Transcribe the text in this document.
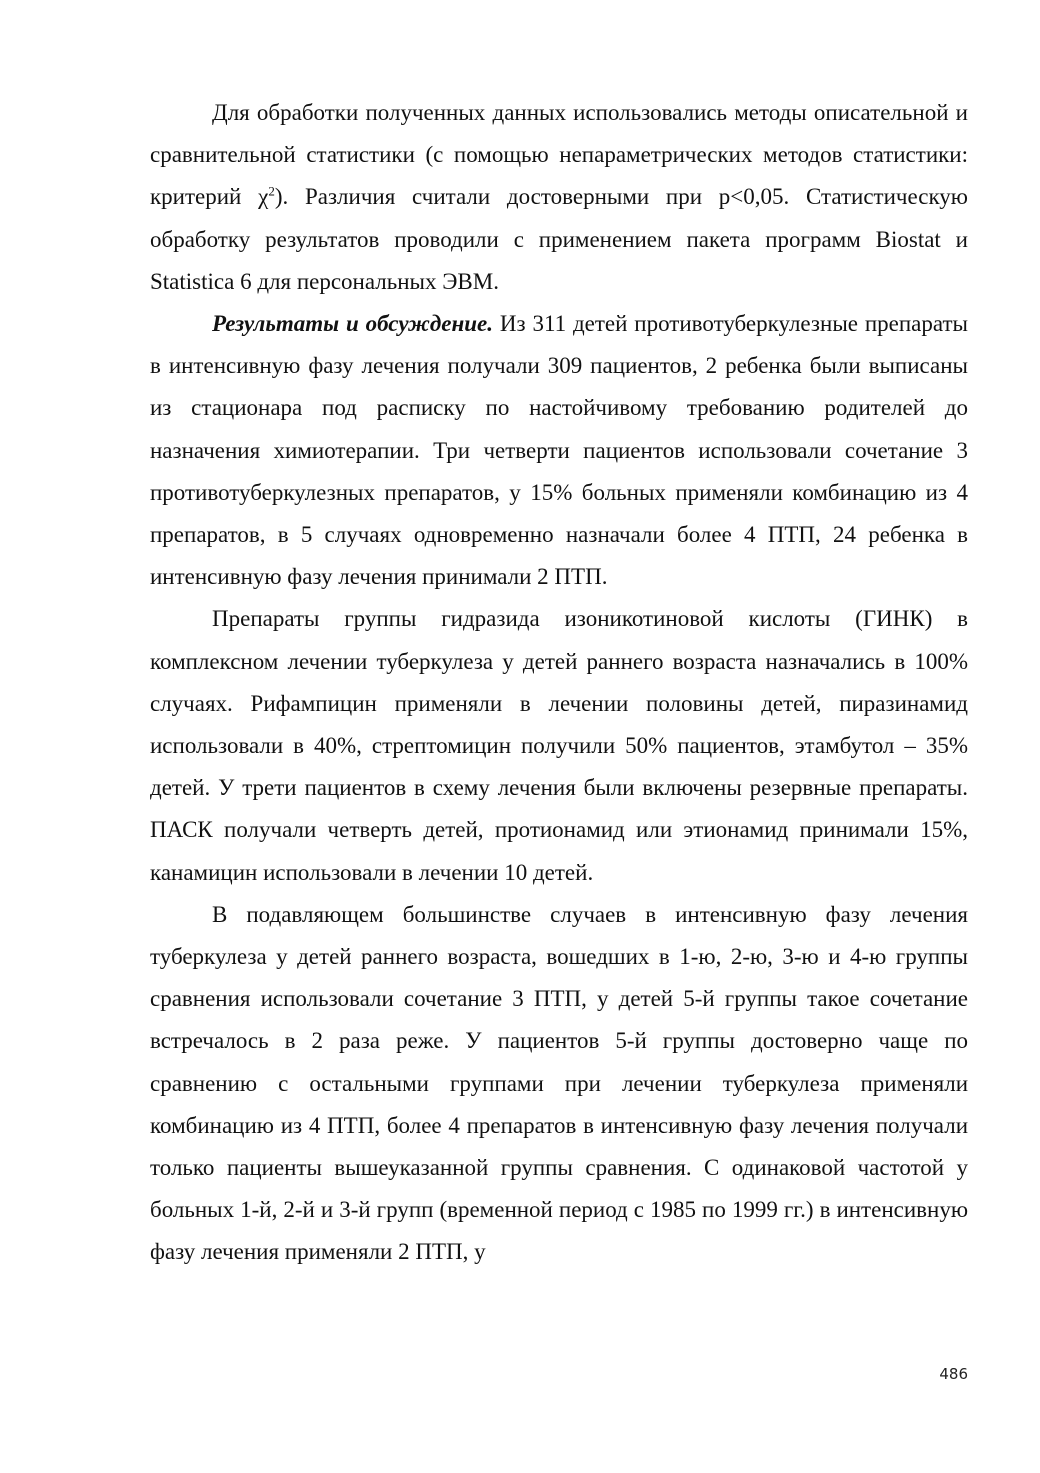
Для обработки полученных данных использовались методы описательной и сравнительной статистики (с помощью непараметрических методов статистики: критерий $\chi^2$). Различия считали достоверными при р<0,05. Статистическую обработку результатов проводили с применением пакета программ Biostat и Statistica 6 для персональных ЭВМ.

Результаты и обсуждение. Из 311 детей противотуберкулезные препараты в интенсивную фазу лечения получали 309 пациентов, 2 ребенка были выписаны из стационара под расписку по настойчивому требованию родителей до назначения химиотерапии. Три четверти пациентов использовали сочетание 3 противотуберкулезных препаратов, у 15% больных применяли комбинацию из 4 препаратов, в 5 случаях одновременно назначали более 4 ПТП, 24 ребенка в интенсивную фазу лечения принимали 2 ПТП.

Препараты группы гидразида изоникотиновой кислоты (ГИНК) в комплексном лечении туберкулеза у детей раннего возраста назначались в 100% случаях. Рифампицин применяли в лечении половины детей, пиразинамид использовали в 40%, стрептомицин получили 50% пациентов, этамбутол – 35% детей. У трети пациентов в схему лечения были включены резервные препараты. ПАСК получали четверть детей, протионамид или этионамид принимали 15%, канамицин использовали в лечении 10 детей.

В подавляющем большинстве случаев в интенсивную фазу лечения туберкулеза у детей раннего возраста, вошедших в 1-ю, 2-ю, 3-ю и 4-ю группы сравнения использовали сочетание 3 ПТП, у детей 5-й группы такое сочетание встречалось в 2 раза реже. У пациентов 5-й группы достоверно чаще по сравнению с остальными группами при лечении туберкулеза применяли комбинацию из 4 ПТП, более 4 препаратов в интенсивную фазу лечения получали только пациенты вышеуказанной группы сравнения. С одинаковой частотой у больных 1-й, 2-й и 3-й групп (временной период с 1985 по 1999 гг.) в интенсивную фазу лечения применяли 2 ПТП, у

486
